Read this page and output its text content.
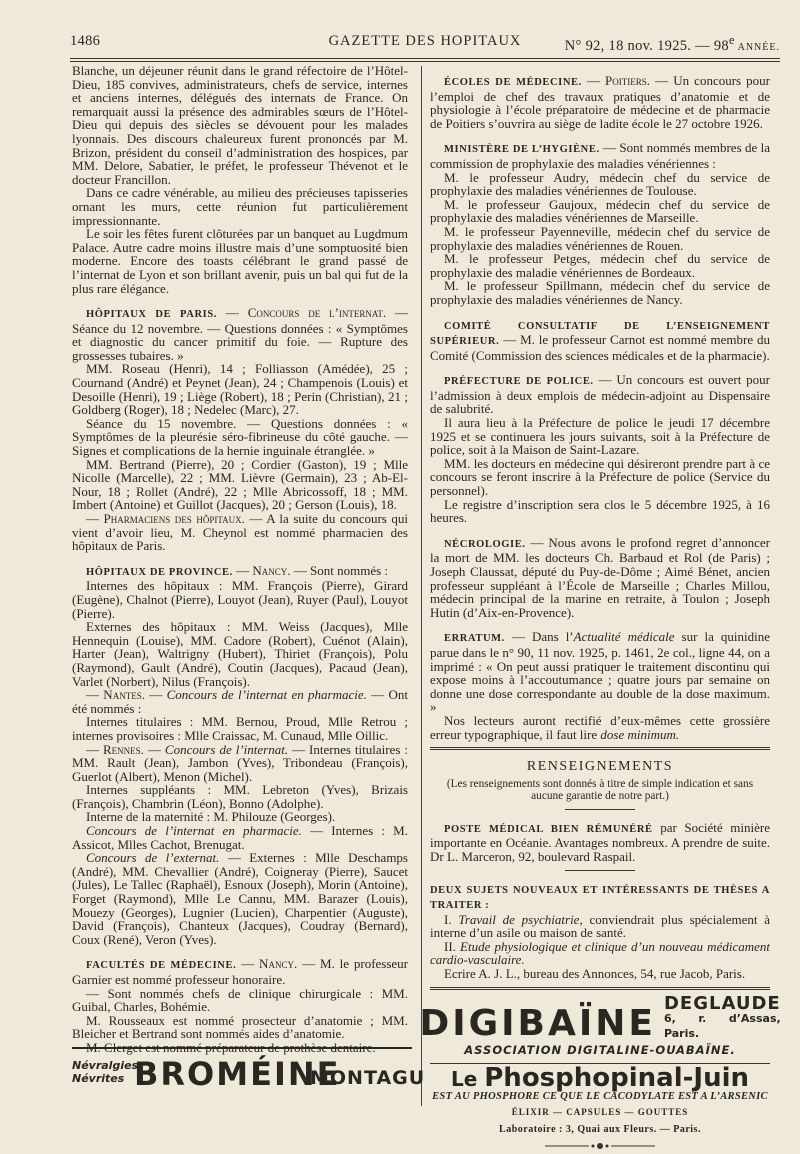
1486	GAZETTE DES HOPITAUX	N° 92, 18 nov. 1925. — 98e ANNÉE.

Blanche, un déjeuner réunit dans le grand réfectoire de l’Hôtel-Dieu, 185 convives, administrateurs, chefs de service, internes et anciens internes, délégués des internats de France. On remarquait aussi la présence des admirables sœurs de l’Hôtel-Dieu qui depuis des siècles se dévouent pour les malades lyonnais. Des discours chaleureux furent prononcés par M. Brizon, président du conseil d’administration des hospices, par MM. Delore, Sabatier, le préfet, le professeur Thévenot et le docteur Francillon.

Dans ce cadre vénérable, au milieu des précieuses tapisseries ornant les murs, cette réunion fut particulièrement impressionnante.

Le soir les fêtes furent clôturées par un banquet au Lugdmum Palace. Autre cadre moins illustre mais d’une somptuosité bien moderne. Encore des toasts célébrant le grand passé de l’internat de Lyon et son brillant avenir, puis un bal qui fut de la plus rare élégance.

HÔPITAUX DE PARIS. — Concours de l’internat. — Séance du 12 novembre. — Questions données : « Symptômes et diagnostic du cancer primitif du foie. — Rupture des grossesses tubaires. »

MM. Roseau (Henri), 14 ; Folliasson (Amédée), 25 ; Cournand (André) et Peynet (Jean), 24 ; Champenois (Louis) et Desoille (Henri), 19 ; Liège (Robert), 18 ; Perin (Christian), 21 ; Goldberg (Roger), 18 ; Nedelec (Marc), 27.

Séance du 15 novembre. — Questions données : « Symptômes de la pleurésie séro-fibrineuse du côté gauche. — Signes et complications de la hernie inguinale étranglée. »

MM. Bertrand (Pierre), 20 ; Cordier (Gaston), 19 ; Mlle Nicolle (Marcelle), 22 ; MM. Lièvre (Germain), 23 ; Ab-El-Nour, 18 ; Rollet (André), 22 ; Mlle Abricossoff, 18 ; MM. Imbert (Antoine) et Guillot (Jacques), 20 ; Gerson (Louis), 18.

— Pharmaciens des hôpitaux. — A la suite du concours qui vient d’avoir lieu, M. Cheynol est nommé pharmacien des hôpitaux de Paris.

HÔPITAUX DE PROVINCE. — Nancy. — Sont nommés :

Internes des hôpitaux : MM. François (Pierre), Girard (Eugène), Chalnot (Pierre), Louyot (Jean), Ruyer (Paul), Louyot (Pierre).

Externes des hôpitaux : MM. Weiss (Jacques), Mlle Hennequin (Louise), MM. Cadore (Robert), Cuénot (Alain), Harter (Jean), Waltrigny (Hubert), Thiriet (François), Polu (Raymond), Gault (André), Coutin (Jacques), Pacaud (Jean), Varlet (Norbert), Nilus (François).

— Nantes. — Concours de l’internat en pharmacie. — Ont été nommés :

Internes titulaires : MM. Bernou, Proud, Mlle Retrou ; internes provisoires : Mlle Craissac, M. Cunaud, Mlle Oillic.

— Rennes. — Concours de l’internat. — Internes titulaires : MM. Rault (Jean), Jambon (Yves), Tribondeau (François), Guerlot (Albert), Menon (Michel).

Internes suppléants : MM. Lebreton (Yves), Brizais (François), Chambrin (Léon), Bonno (Adolphe).

Interne de la maternité : M. Philouze (Georges).

Concours de l’internat en pharmacie. — Internes : M. Assicot, Mlles Cachot, Brenugat.

Concours de l’externat. — Externes : Mlle Deschamps (André), MM. Chevallier (André), Coigneray (Pierre), Saucet (Jules), Le Tallec (Raphaël), Esnoux (Joseph), Morin (Antoine), Forget (Raymond), Mlle Le Cannu, MM. Barazer (Louis), Mouezy (Georges), Lugnier (Lucien), Charpentier (Auguste), David (François), Chanteux (Jacques), Coudray (Bernard), Coux (René), Veron (Yves).

FACULTÉS DE MÉDECINE. — Nancy. — M. le professeur Garnier est nommé professeur honoraire.

— Sont nommés chefs de clinique chirurgicale : MM. Guibal, Charles, Bohémie.

M. Rousseaux est nommé prosecteur d’anatomie ; MM. Bleicher et Bertrand sont nommés aides d’anatomie.

M. Clerget est nommé préparateur de prothèse dentaire.

Névralgies
Névrites BROMÉINE
MONTAGU

ÉCOLES DE MÉDECINE. — Poitiers. — Un concours pour l’emploi de chef des travaux pratiques d’anatomie et de physiologie à l’école préparatoire de médecine et de pharmacie de Poitiers s’ouvrira au siège de ladite école le 27 octobre 1926.

MINISTÈRE DE L’HYGIÈNE. — Sont nommés membres de la commission de prophylaxie des maladies vénériennes :

M. le professeur Audry, médecin chef du service de prophylaxie des maladies vénériennes de Toulouse.

M. le professeur Gaujoux, médecin chef du service de prophylaxie des maladies vénériennes de Marseille.

M. le professeur Payenneville, médecin chef du service de prophylaxie des maladies vénériennes de Rouen.

M. le professeur Petges, médecin chef du service de prophylaxie des maladie vénériennes de Bordeaux.

M. le professeur Spillmann, médecin chef du service de prophylaxie des maladies vénériennes de Nancy.

COMITÉ CONSULTATIF DE L’ENSEIGNEMENT SUPÉRIEUR. — M. le professeur Carnot est nommé membre du Comité (Commission des sciences médicales et de la pharmacie).

PRÉFECTURE DE POLICE. — Un concours est ouvert pour l’admission à deux emplois de médecin-adjoint au Dispensaire de salubrité.

Il aura lieu à la Préfecture de police le jeudi 17 décembre 1925 et se continuera les jours suivants, soit à la Préfecture de police, soit à la Maison de Saint-Lazare.

MM. les docteurs en médecine qui désireront prendre part à ce concours se feront inscrire à la Préfecture de police (Service du personnel).

Le registre d’inscription sera clos le 5 décembre 1925, à 16 heures.

NÉCROLOGIE. — Nous avons le profond regret d’annoncer la mort de MM. les docteurs Ch. Barbaud et Rol (de Paris) ; Joseph Claussat, député du Puy-de-Dôme ; Aimé Bénet, ancien professeur suppléant à l’École de Marseille ; Charles Millou, médecin principal de la marine en retraite, à Toulon ; Joseph Hutin (d’Aix-en-Provence).

ERRATUM. — Dans l’Actualité médicale sur la quinidine parue dans le n° 90, 11 nov. 1925, p. 1461, 2e col., ligne 44, on a imprimé : « On peut aussi pratiquer le traitement discontinu qui expose moins à l’accoutumance ; quatre jours par semaine on donne une dose correspondante au double de la dose maximum. »

Nos lecteurs auront rectifié d’eux-mêmes cette grossière erreur typographique, il faut lire dose minimum.

RENSEIGNEMENTS

(Les renseignements sont donnés à titre de simple indication et sans aucune garantie de notre part.)

POSTE MÉDICAL BIEN RÉMUNÉRÉ par Société minière importante en Océanie. Avantages nombreux. A prendre de suite. Dr L. Marceron, 92, boulevard Raspail.

DEUX SUJETS NOUVEAUX ET INTÉRESSANTS DE THÈSES A TRAITER :

I. Travail de psychiatrie, conviendrait plus spécialement à interne d’un asile ou maison de santé.

II. Etude physiologique et clinique d’un nouveau médicament cardio-vasculaire.

Ecrire A. J. L., bureau des Annonces, 54, rue Jacob, Paris.

DIGIBAÏNE DEGLAUDE
6, r. d’Assas, Paris.
ASSOCIATION DIGITALINE-OUABAÏNE.
Le Phosphopinal-Juin
EST AU PHOSPHORE CE QUE LE CACODYLATE EST A L’ARSENIC
ÉLIXIR — CAPSULES — GOUTTES
Laboratoire : 3, Quai aux Fleurs. — Paris.
